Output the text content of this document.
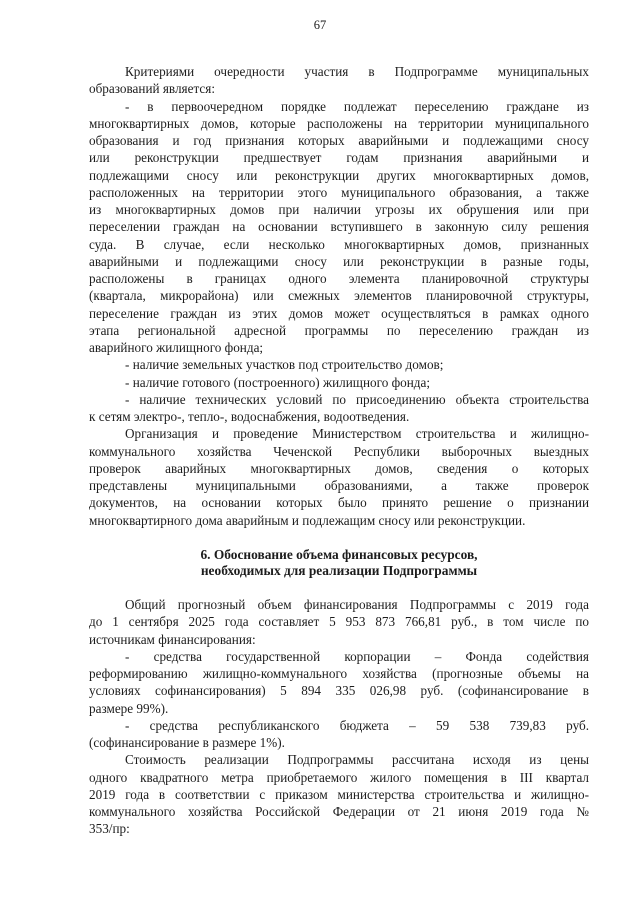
67

Критериями очередности участия в Подпрограмме муниципальных

образований является:

- в первоочередном порядке подлежат переселению граждане из

многоквартирных домов, которые расположены на территории муниципального

образования и год признания которых аварийными и подлежащими сносу

или реконструкции предшествует годам признания аварийными и

подлежащими сносу или реконструкции других многоквартирных домов,

расположенных на территории этого муниципального образования, а также

из многоквартирных домов при наличии угрозы их обрушения или при

переселении граждан на основании вступившего в законную силу решения

суда. В случае, если несколько многоквартирных домов, признанных

аварийными и подлежащими сносу или реконструкции в разные годы,

расположены в границах одного элемента планировочной структуры

(квартала, микрорайона) или смежных элементов планировочной структуры,

переселение граждан из этих домов может осуществляться в рамках одного

этапа региональной адресной программы по переселению граждан из

аварийного жилищного фонда;

- наличие земельных участков под строительство домов;

- наличие готового (построенного) жилищного фонда;

- наличие технических условий по присоединению объекта строительства

к сетям электро-, тепло-, водоснабжения, водоотведения.

Организация и проведение Министерством строительства и жилищно-

коммунального хозяйства Чеченской Республики выборочных выездных

проверок аварийных многоквартирных домов, сведения о которых

представлены муниципальными образованиями, а также проверок

документов, на основании которых было принято решение о признании

многоквартирного дома аварийным и подлежащим сносу или реконструкции.

6. Обоснование объема финансовых ресурсов,
необходимых для реализации Подпрограммы

Общий прогнозный объем финансирования Подпрограммы с 2019 года

до 1 сентября 2025 года составляет 5 953 873 766,81 руб., в том числе по

источникам финансирования:

- средства государственной корпорации – Фонда содействия

реформированию жилищно-коммунального хозяйства (прогнозные объемы на

условиях софинансирования) 5 894 335 026,98 руб. (софинансирование в

размере 99%).

- средства республиканского бюджета – 59 538 739,83 руб.

(софинансирование в размере 1%).

Стоимость реализации Подпрограммы рассчитана исходя из цены

одного квадратного метра приобретаемого жилого помещения в III квартал

2019 года в соответствии с приказом министерства строительства и жилищно-

коммунального хозяйства Российской Федерации от 21 июня 2019 года №

353/пр:
